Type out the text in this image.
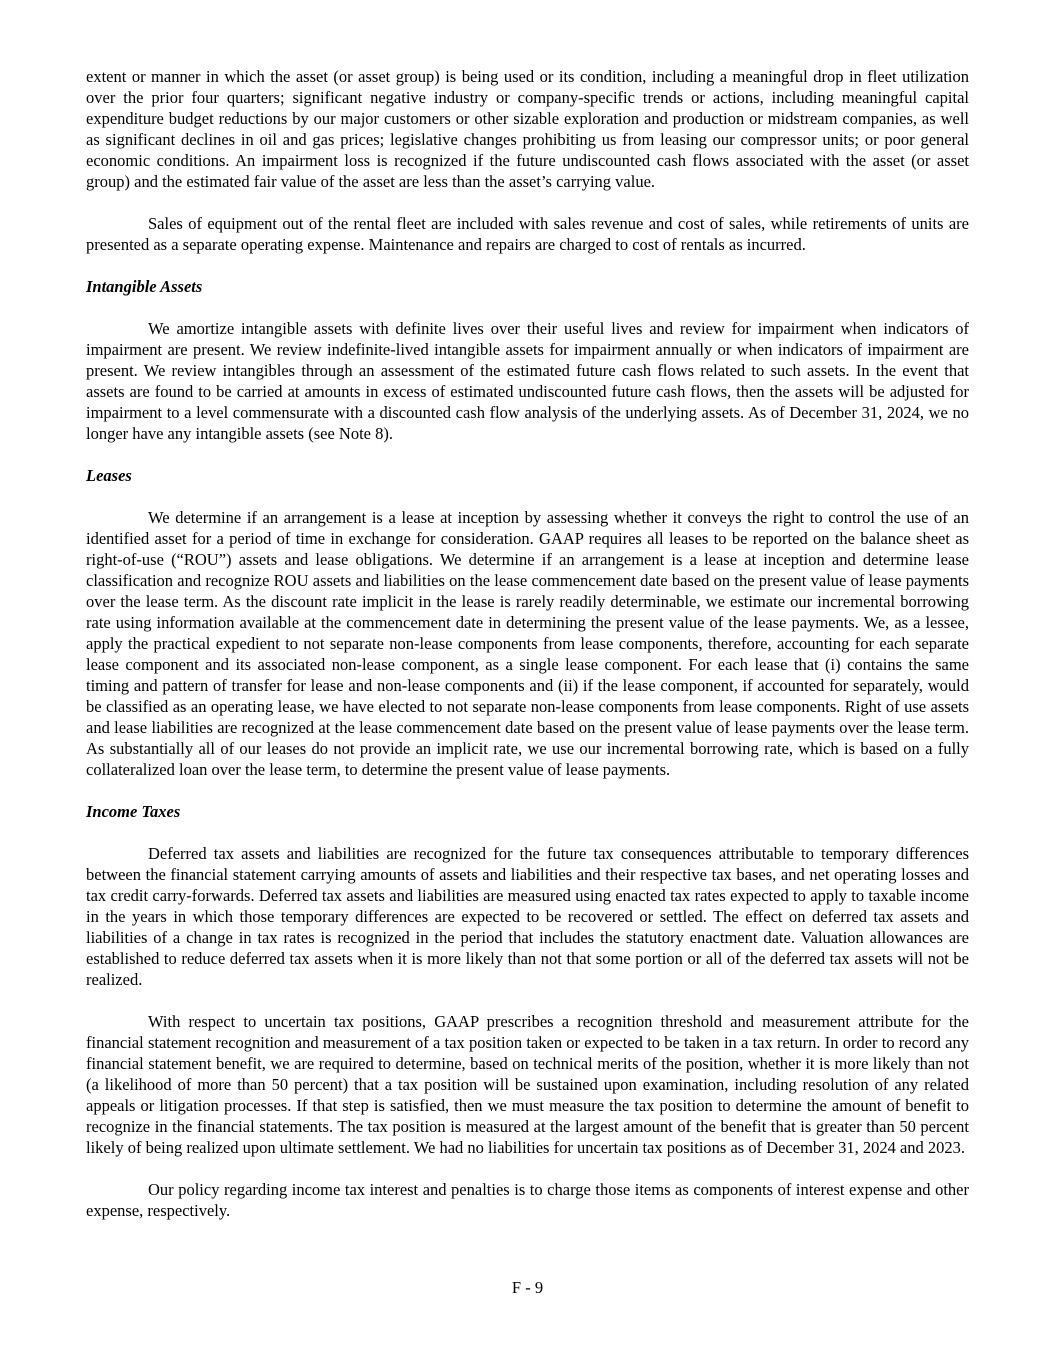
extent or manner in which the asset (or asset group) is being used or its condition, including a meaningful drop in fleet utilization over the prior four quarters; significant negative industry or company-specific trends or actions, including meaningful capital expenditure budget reductions by our major customers or other sizable exploration and production or midstream companies, as well as significant declines in oil and gas prices; legislative changes prohibiting us from leasing our compressor units; or poor general economic conditions. An impairment loss is recognized if the future undiscounted cash flows associated with the asset (or asset group) and the estimated fair value of the asset are less than the asset’s carrying value.

Sales of equipment out of the rental fleet are included with sales revenue and cost of sales, while retirements of units are presented as a separate operating expense. Maintenance and repairs are charged to cost of rentals as incurred.

Intangible Assets

We amortize intangible assets with definite lives over their useful lives and review for impairment when indicators of impairment are present. We review indefinite-lived intangible assets for impairment annually or when indicators of impairment are present. We review intangibles through an assessment of the estimated future cash flows related to such assets. In the event that assets are found to be carried at amounts in excess of estimated undiscounted future cash flows, then the assets will be adjusted for impairment to a level commensurate with a discounted cash flow analysis of the underlying assets. As of December 31, 2024, we no longer have any intangible assets (see Note 8).

Leases

We determine if an arrangement is a lease at inception by assessing whether it conveys the right to control the use of an identified asset for a period of time in exchange for consideration. GAAP requires all leases to be reported on the balance sheet as right-of-use (“ROU”) assets and lease obligations. We determine if an arrangement is a lease at inception and determine lease classification and recognize ROU assets and liabilities on the lease commencement date based on the present value of lease payments over the lease term. As the discount rate implicit in the lease is rarely readily determinable, we estimate our incremental borrowing rate using information available at the commencement date in determining the present value of the lease payments. We, as a lessee, apply the practical expedient to not separate non-lease components from lease components, therefore, accounting for each separate lease component and its associated non-lease component, as a single lease component. For each lease that (i) contains the same timing and pattern of transfer for lease and non-lease components and (ii) if the lease component, if accounted for separately, would be classified as an operating lease, we have elected to not separate non-lease components from lease components. Right of use assets and lease liabilities are recognized at the lease commencement date based on the present value of lease payments over the lease term. As substantially all of our leases do not provide an implicit rate, we use our incremental borrowing rate, which is based on a fully collateralized loan over the lease term, to determine the present value of lease payments.

Income Taxes

Deferred tax assets and liabilities are recognized for the future tax consequences attributable to temporary differences between the financial statement carrying amounts of assets and liabilities and their respective tax bases, and net operating losses and tax credit carry-forwards. Deferred tax assets and liabilities are measured using enacted tax rates expected to apply to taxable income in the years in which those temporary differences are expected to be recovered or settled. The effect on deferred tax assets and liabilities of a change in tax rates is recognized in the period that includes the statutory enactment date. Valuation allowances are established to reduce deferred tax assets when it is more likely than not that some portion or all of the deferred tax assets will not be realized.

With respect to uncertain tax positions, GAAP prescribes a recognition threshold and measurement attribute for the financial statement recognition and measurement of a tax position taken or expected to be taken in a tax return. In order to record any financial statement benefit, we are required to determine, based on technical merits of the position, whether it is more likely than not (a likelihood of more than 50 percent) that a tax position will be sustained upon examination, including resolution of any related appeals or litigation processes. If that step is satisfied, then we must measure the tax position to determine the amount of benefit to recognize in the financial statements. The tax position is measured at the largest amount of the benefit that is greater than 50 percent likely of being realized upon ultimate settlement. We had no liabilities for uncertain tax positions as of December 31, 2024 and 2023.

Our policy regarding income tax interest and penalties is to charge those items as components of interest expense and other expense, respectively.

F - 9
